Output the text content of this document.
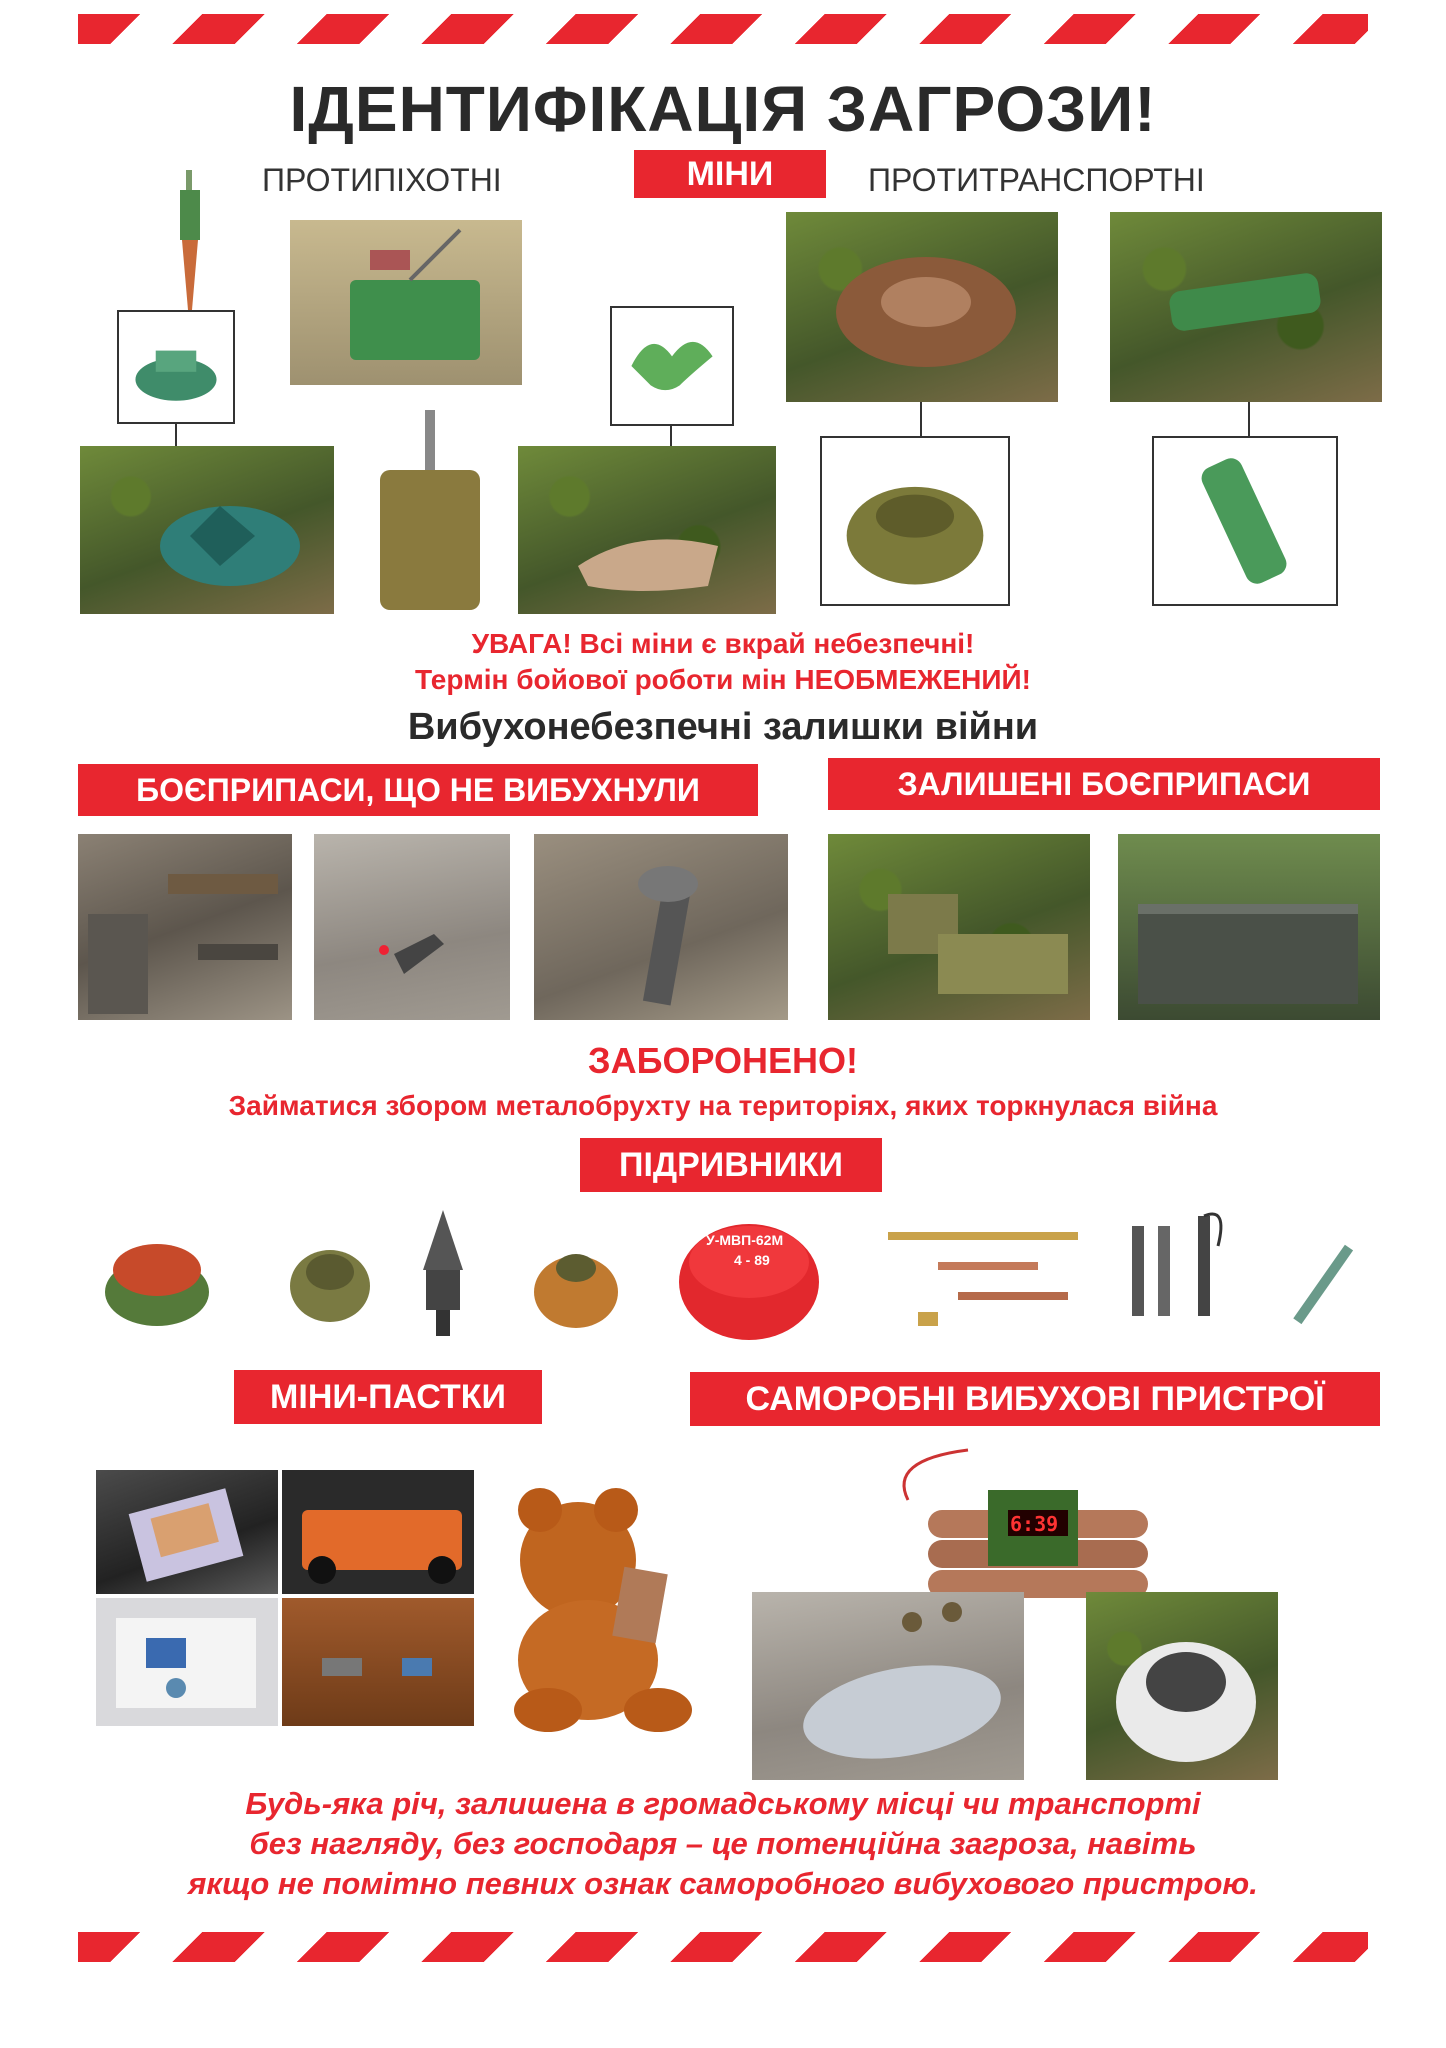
ІДЕНТИФІКАЦІЯ ЗАГРОЗИ!
ПРОТИПІХОТНІ	МІНИ	ПРОТИТРАНСПОРТНІ
УВАГА! Всі міни є вкрай небезпечні!
Термін бойової роботи мін НЕОБМЕЖЕНИЙ!
Вибухонебезпечні залишки війни
БОЄПРИПАСИ, ЩО НЕ ВИБУХНУЛИ	ЗАЛИШЕНІ БОЄПРИПАСИ
ЗАБОРОНЕНО!
Займатися збором металобрухту на територіях, яких торкнулася війна
ПІДРИВНИКИ
У-МВП-62М
4 - 89
МІНИ-ПАСТКИ	САМОРОБНІ ВИБУХОВІ ПРИСТРОЇ
6:39
Будь-яка річ, залишена в громадському місці чи транспорті
без нагляду, без господаря – це потенційна загроза, навіть
якщо не помітно певних ознак саморобного вибухового пристрою.
